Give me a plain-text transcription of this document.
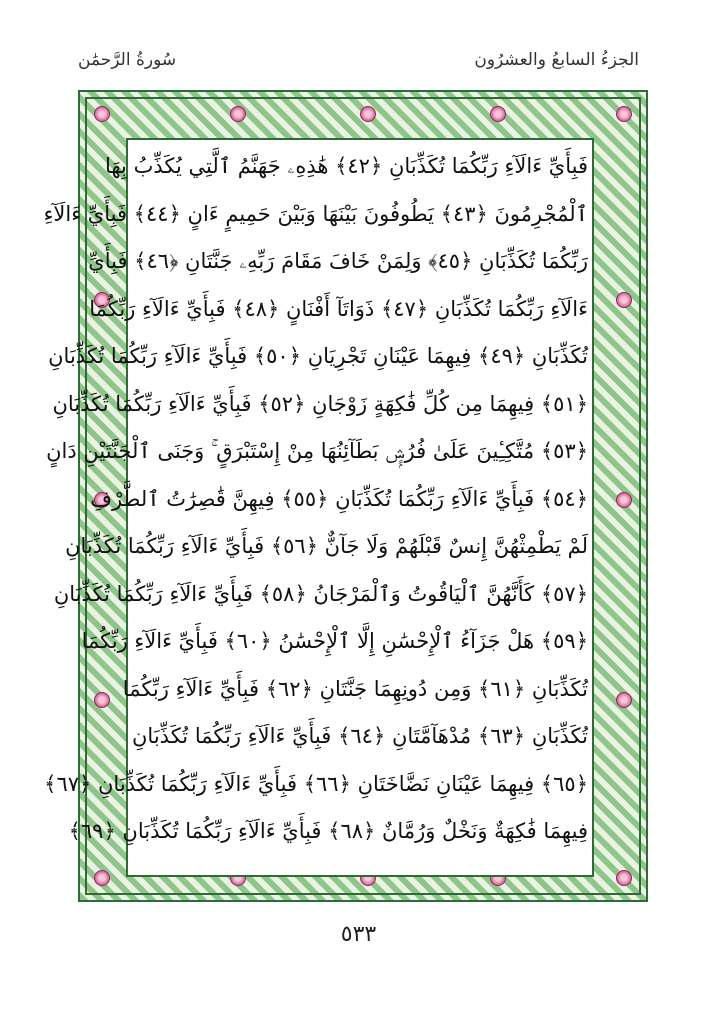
الجزءُ السابعُ والعشرُون
سُورةُ الرَّحمَٰن
فَبِأَيِّ ءَالَآءِ رَبِّكُمَا تُكَذِّبَانِ ﴿٤٢﴾ هَٰذِهِۦ جَهَنَّمُ ٱلَّتِي يُكَذِّبُ بِهَا
ٱلْمُجْرِمُونَ ﴿٤٣﴾ يَطُوفُونَ بَيْنَهَا وَبَيْنَ حَمِيمٍ ءَانٍ ﴿٤٤﴾ فَبِأَيِّ ءَالَآءِ
رَبِّكُمَا تُكَذِّبَانِ ﴿٤٥﴾ وَلِمَنْ خَافَ مَقَامَ رَبِّهِۦ جَنَّتَانِ ﴿٤٦﴾ فَبِأَيِّ
ءَالَآءِ رَبِّكُمَا تُكَذِّبَانِ ﴿٤٧﴾ ذَوَاتَآ أَفْنَانٍ ﴿٤٨﴾ فَبِأَيِّ ءَالَآءِ رَبِّكُمَا
تُكَذِّبَانِ ﴿٤٩﴾ فِيهِمَا عَيْنَانِ تَجْرِيَانِ ﴿٥٠﴾ فَبِأَيِّ ءَالَآءِ رَبِّكُمَا تُكَذِّبَانِ
﴿٥١﴾ فِيهِمَا مِن كُلِّ فَٰكِهَةٍ زَوْجَانِ ﴿٥٢﴾ فَبِأَيِّ ءَالَآءِ رَبِّكُمَا تُكَذِّبَانِ
﴿٥٣﴾ مُتَّكِـِٔينَ عَلَىٰ فُرُشٍۭ بَطَآئِنُهَا مِنْ إِسْتَبْرَقٍ ۚ وَجَنَى ٱلْجَنَّتَيْنِ دَانٍ
﴿٥٤﴾ فَبِأَيِّ ءَالَآءِ رَبِّكُمَا تُكَذِّبَانِ ﴿٥٥﴾ فِيهِنَّ قَٰصِرَٰتُ ٱلطَّرْفِ
لَمْ يَطْمِثْهُنَّ إِنسٌ قَبْلَهُمْ وَلَا جَآنٌّ ﴿٥٦﴾ فَبِأَيِّ ءَالَآءِ رَبِّكُمَا تُكَذِّبَانِ
﴿٥٧﴾ كَأَنَّهُنَّ ٱلْيَاقُوتُ وَٱلْمَرْجَانُ ﴿٥٨﴾ فَبِأَيِّ ءَالَآءِ رَبِّكُمَا تُكَذِّبَانِ
﴿٥٩﴾ هَلْ جَزَآءُ ٱلْإِحْسَٰنِ إِلَّا ٱلْإِحْسَٰنُ ﴿٦٠﴾ فَبِأَيِّ ءَالَآءِ رَبِّكُمَا
تُكَذِّبَانِ ﴿٦١﴾ وَمِن دُونِهِمَا جَنَّتَانِ ﴿٦٢﴾ فَبِأَيِّ ءَالَآءِ رَبِّكُمَا
تُكَذِّبَانِ ﴿٦٣﴾ مُدْهَآمَّتَانِ ﴿٦٤﴾ فَبِأَيِّ ءَالَآءِ رَبِّكُمَا تُكَذِّبَانِ
﴿٦٥﴾ فِيهِمَا عَيْنَانِ نَضَّاخَتَانِ ﴿٦٦﴾ فَبِأَيِّ ءَالَآءِ رَبِّكُمَا تُكَذِّبَانِ ﴿٦٧﴾
فِيهِمَا فَٰكِهَةٌ وَنَخْلٌ وَرُمَّانٌ ﴿٦٨﴾ فَبِأَيِّ ءَالَآءِ رَبِّكُمَا تُكَذِّبَانِ ﴿٦٩﴾
٥٣٣
